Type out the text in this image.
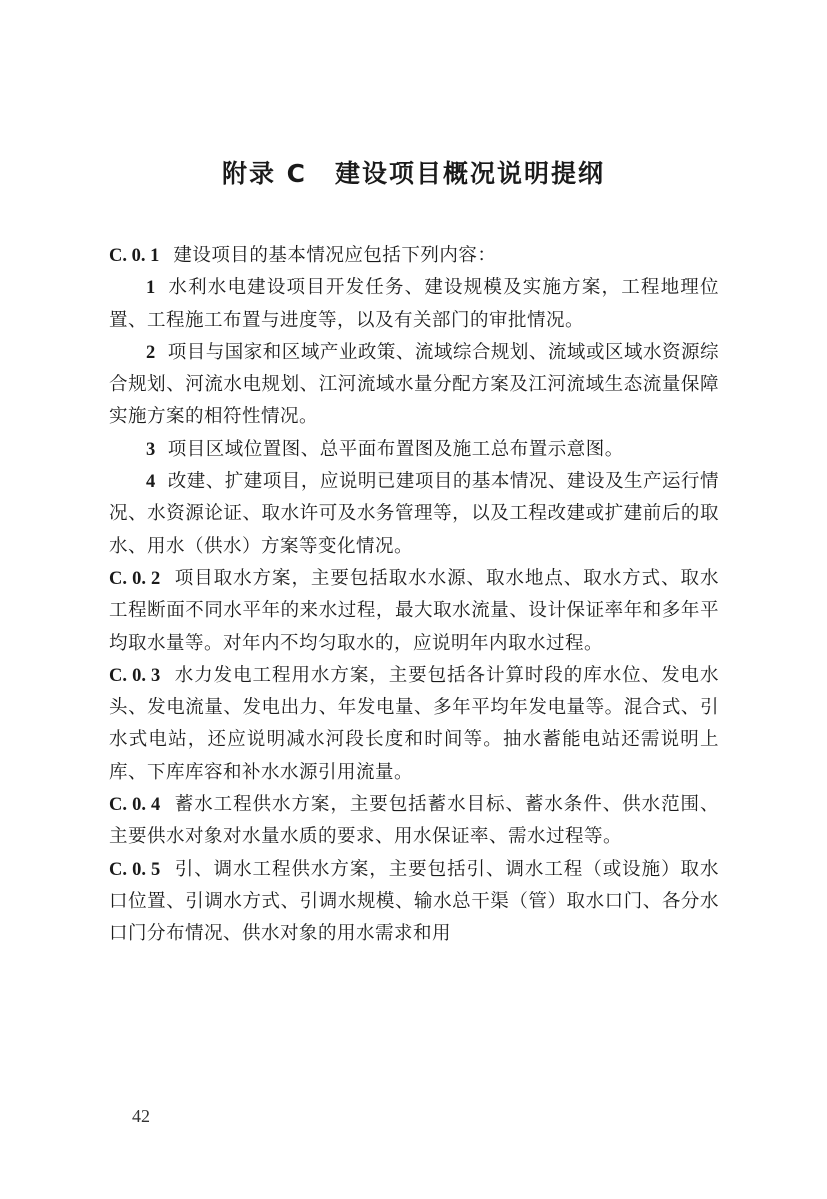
附录 C 建设项目概况说明提纲

C. 0. 1 建设项目的基本情况应包括下列内容：

1 水利水电建设项目开发任务、建设规模及实施方案，工程地理位置、工程施工布置与进度等，以及有关部门的审批情况。

2 项目与国家和区域产业政策、流域综合规划、流域或区域水资源综合规划、河流水电规划、江河流域水量分配方案及江河流域生态流量保障实施方案的相符性情况。

3 项目区域位置图、总平面布置图及施工总布置示意图。

4 改建、扩建项目，应说明已建项目的基本情况、建设及生产运行情况、水资源论证、取水许可及水务管理等，以及工程改建或扩建前后的取水、用水（供水）方案等变化情况。

C. 0. 2 项目取水方案，主要包括取水水源、取水地点、取水方式、取水工程断面不同水平年的来水过程，最大取水流量、设计保证率年和多年平均取水量等。对年内不均匀取水的，应说明年内取水过程。

C. 0. 3 水力发电工程用水方案，主要包括各计算时段的库水位、发电水头、发电流量、发电出力、年发电量、多年平均年发电量等。混合式、引水式电站，还应说明减水河段长度和时间等。抽水蓄能电站还需说明上库、下库库容和补水水源引用流量。

C. 0. 4 蓄水工程供水方案，主要包括蓄水目标、蓄水条件、供水范围、主要供水对象对水量水质的要求、用水保证率、需水过程等。

C. 0. 5 引、调水工程供水方案，主要包括引、调水工程（或设施）取水口位置、引调水方式、引调水规模、输水总干渠（管）取水口门、各分水口门分布情况、供水对象的用水需求和用

42
